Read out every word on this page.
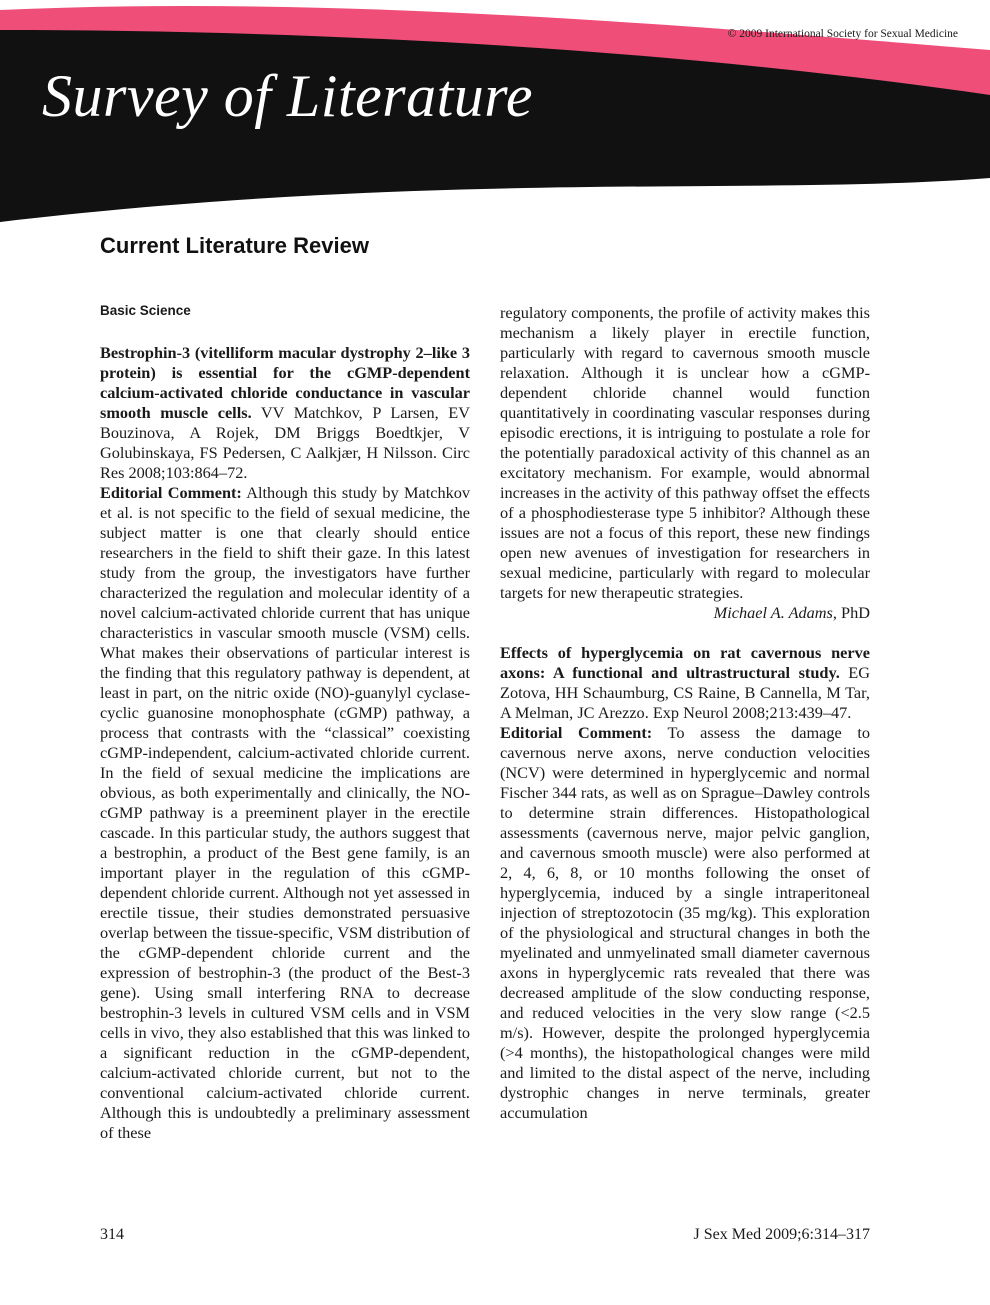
© 2009 International Society for Sexual Medicine
Survey of Literature
Current Literature Review
Basic Science

Bestrophin-3 (vitelliform macular dystrophy 2–like 3 protein) is essential for the cGMP-dependent calcium-activated chloride conductance in vascular smooth muscle cells. VV Matchkov, P Larsen, EV Bouzinova, A Rojek, DM Briggs Boedtkjer, V Golubinskaya, FS Pedersen, C Aalkjær, H Nilsson. Circ Res 2008;103:864–72.

Editorial Comment: Although this study by Matchkov et al. is not specific to the field of sexual medicine, the subject matter is one that clearly should entice researchers in the field to shift their gaze. In this latest study from the group, the investigators have further characterized the regulation and molecular identity of a novel calcium-activated chloride current that has unique characteristics in vascular smooth muscle (VSM) cells. What makes their observations of particular interest is the finding that this regulatory pathway is dependent, at least in part, on the nitric oxide (NO)-guanylyl cyclase-cyclic guanosine monophosphate (cGMP) pathway, a process that contrasts with the “classical” coexisting cGMP-independent, calcium-activated chloride current. In the field of sexual medicine the implications are obvious, as both experimentally and clinically, the NO-cGMP pathway is a preeminent player in the erectile cascade. In this particular study, the authors suggest that a bestrophin, a product of the Best gene family, is an important player in the regulation of this cGMP-dependent chloride current. Although not yet assessed in erectile tissue, their studies demonstrated persuasive overlap between the tissue-specific, VSM distribution of the cGMP-dependent chloride current and the expression of bestrophin-3 (the product of the Best-3 gene). Using small interfering RNA to decrease bestrophin-3 levels in cultured VSM cells and in VSM cells in vivo, they also established that this was linked to a significant reduction in the cGMP-dependent, calcium-activated chloride current, but not to the conventional calcium-activated chloride current. Although this is undoubtedly a preliminary assessment of these

regulatory components, the profile of activity makes this mechanism a likely player in erectile function, particularly with regard to cavernous smooth muscle relaxation. Although it is unclear how a cGMP-dependent chloride channel would function quantitatively in coordinating vascular responses during episodic erections, it is intriguing to postulate a role for the potentially paradoxical activity of this channel as an excitatory mechanism. For example, would abnormal increases in the activity of this pathway offset the effects of a phosphodiesterase type 5 inhibitor? Although these issues are not a focus of this report, these new findings open new avenues of investigation for researchers in sexual medicine, particularly with regard to molecular targets for new therapeutic strategies.

Michael A. Adams, PhD

Effects of hyperglycemia on rat cavernous nerve axons: A functional and ultrastructural study. EG Zotova, HH Schaumburg, CS Raine, B Cannella, M Tar, A Melman, JC Arezzo. Exp Neurol 2008;213:439–47.

Editorial Comment: To assess the damage to cavernous nerve axons, nerve conduction velocities (NCV) were determined in hyperglycemic and normal Fischer 344 rats, as well as on Sprague–Dawley controls to determine strain differences. Histopathological assessments (cavernous nerve, major pelvic ganglion, and cavernous smooth muscle) were also performed at 2, 4, 6, 8, or 10 months following the onset of hyperglycemia, induced by a single intraperitoneal injection of streptozotocin (35 mg/kg). This exploration of the physiological and structural changes in both the myelinated and unmyelinated small diameter cavernous axons in hyperglycemic rats revealed that there was decreased amplitude of the slow conducting response, and reduced velocities in the very slow range (<2.5 m/s). However, despite the prolonged hyperglycemia (>4 months), the histopathological changes were mild and limited to the distal aspect of the nerve, including dystrophic changes in nerve terminals, greater accumulation

314	J Sex Med 2009;6:314–317
